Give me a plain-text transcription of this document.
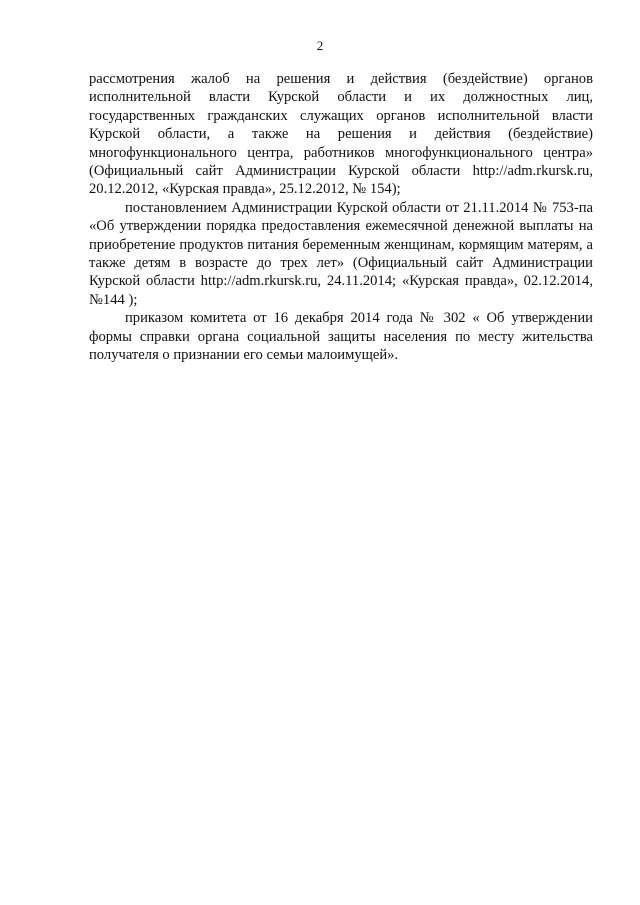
2

рассмотрения жалоб на решения и действия (бездействие) органов исполнительной власти Курской области и их должностных лиц, государственных гражданских служащих органов исполнительной власти Курской области, а также на решения и действия (бездействие) многофункционального центра, работников многофункционального центра» (Официальный сайт Администрации Курской области http://adm.rkursk.ru, 20.12.2012, «Курская правда», 25.12.2012, № 154);

постановлением Администрации Курской области от 21.11.2014 № 753-па «Об утверждении порядка предоставления ежемесячной денежной выплаты на приобретение продуктов питания беременным женщинам, кормящим матерям, а также детям в возрасте до трех лет» (Официальный сайт Администрации Курской области http://adm.rkursk.ru, 24.11.2014; «Курская правда», 02.12.2014, №144 );

приказом комитета от 16 декабря 2014 года № 302 « Об утверждении формы справки органа социальной защиты населения по месту жительства получателя о признании его семьи малоимущей».
